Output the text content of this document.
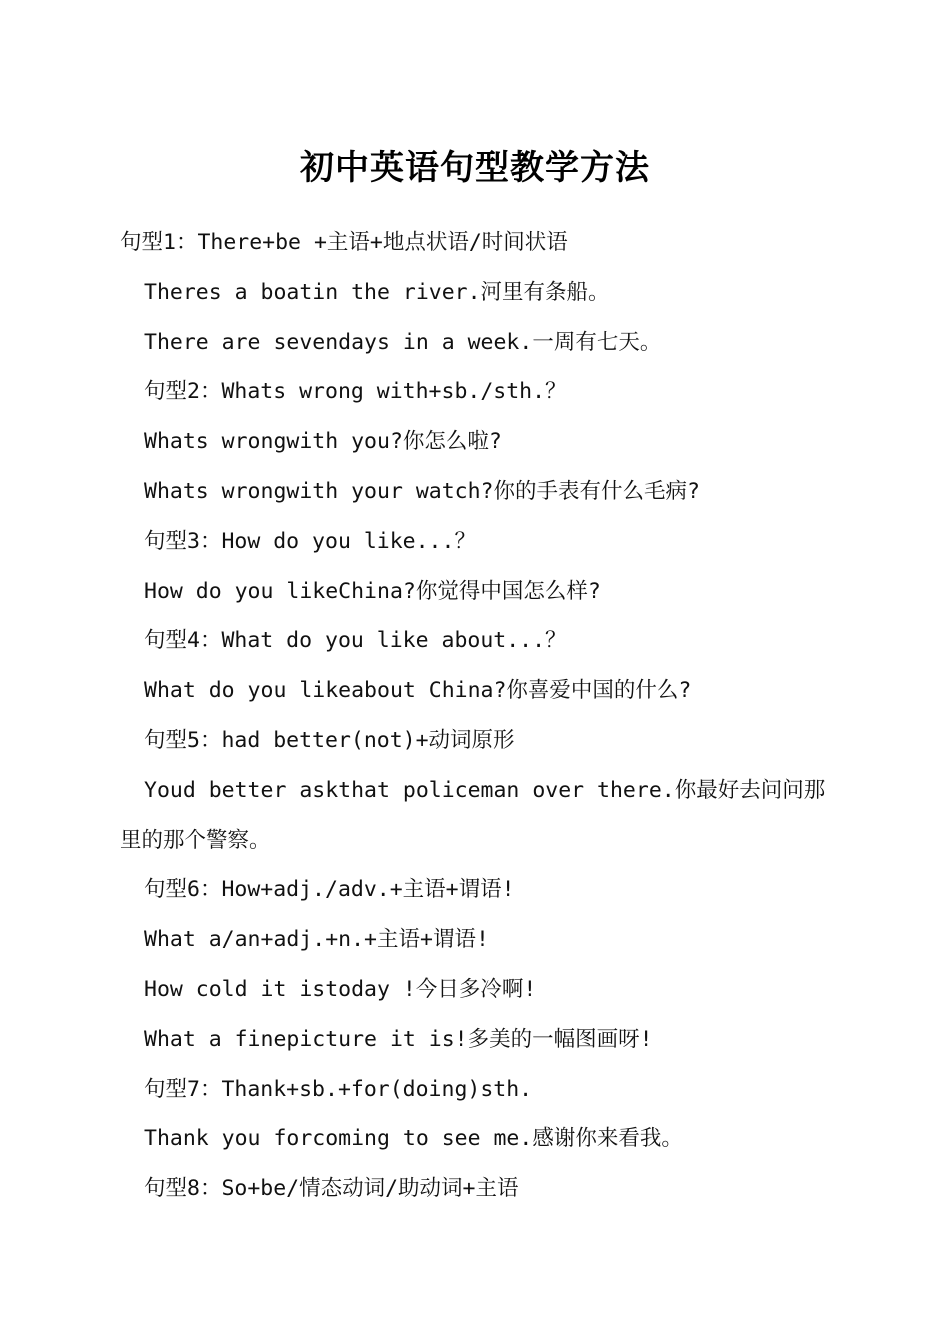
初中英语句型教学方法
句型1：There+be +主语+地点状语/时间状语
Theres a boatin the river.河里有条船。
There are sevendays in a week.一周有七天。
句型2：Whats wrong with+sb./sth.？
Whats wrongwith you?你怎么啦?
Whats wrongwith your watch?你的手表有什么毛病?
句型3：How do you like...？
How do you likeChina?你觉得中国怎么样?
句型4：What do you like about...？
What do you likeabout China?你喜爱中国的什么?
句型5：had better(not)+动词原形
Youd better askthat policeman over there.你最好去问问那里的那个警察。
句型6：How+adj./adv.+主语+谓语!
What a/an+adj.+n.+主语+谓语!
How cold it istoday !今日多冷啊!
What a finepicture it is!多美的一幅图画呀!
句型7：Thank+sb.+for(doing)sth.
Thank you forcoming to see me.感谢你来看我。
句型8：So+be/情态动词/助动词+主语
